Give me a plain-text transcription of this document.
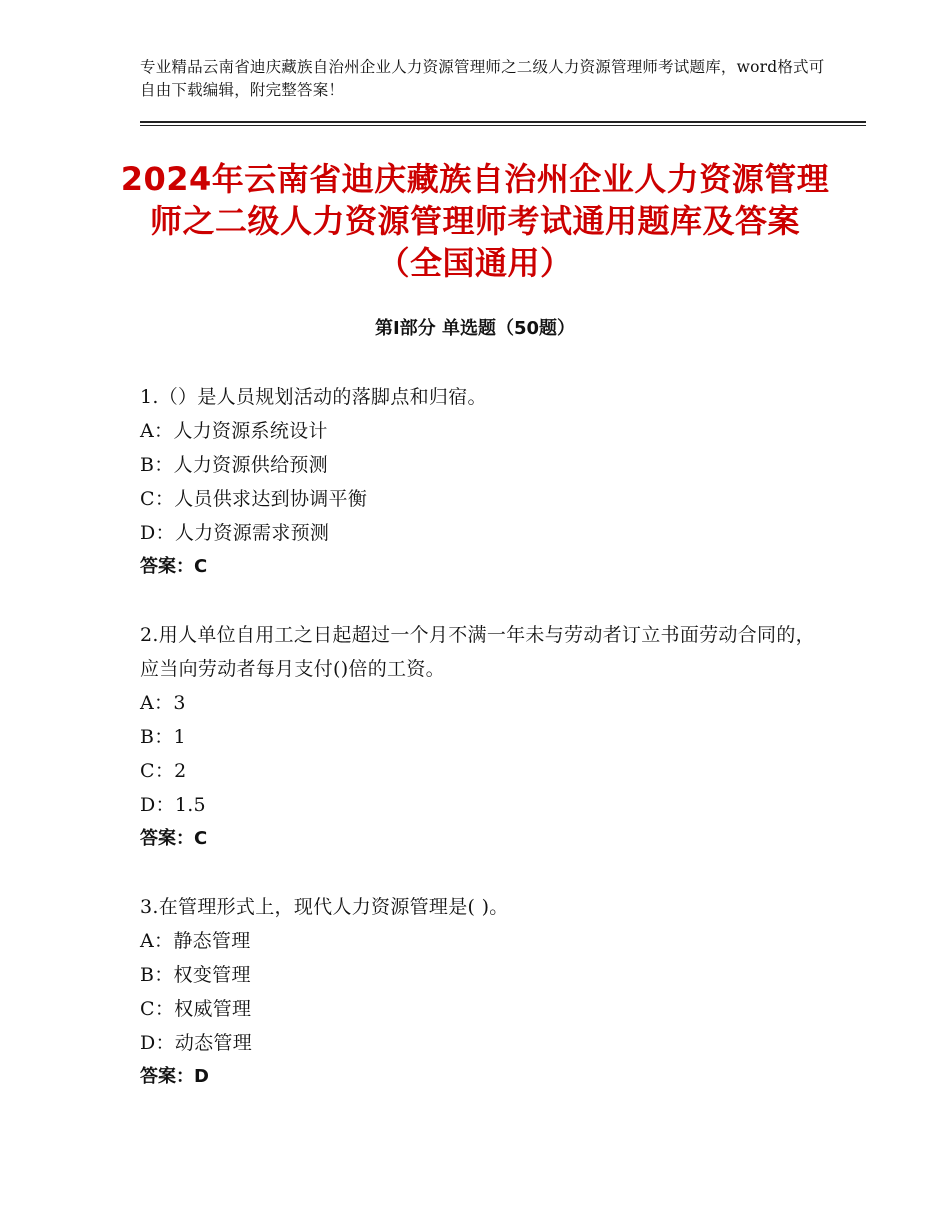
专业精品云南省迪庆藏族自治州企业人力资源管理师之二级人力资源管理师考试题库，word格式可自由下载编辑，附完整答案！
2024年云南省迪庆藏族自治州企业人力资源管理师之二级人力资源管理师考试通用题库及答案（全国通用）
第Ⅰ部分 单选题（50题）
1.（）是人员规划活动的落脚点和归宿。
A：人力资源系统设计
B：人力资源供给预测
C：人员供求达到协调平衡
D：人力资源需求预测
答案：C
2.用人单位自用工之日起超过一个月不满一年未与劳动者订立书面劳动合同的，应当向劳动者每月支付()倍的工资。
A：3
B：1
C：2
D：1.5
答案：C
3.在管理形式上，现代人力资源管理是( )。
A：静态管理
B：权变管理
C：权威管理
D：动态管理
答案：D
